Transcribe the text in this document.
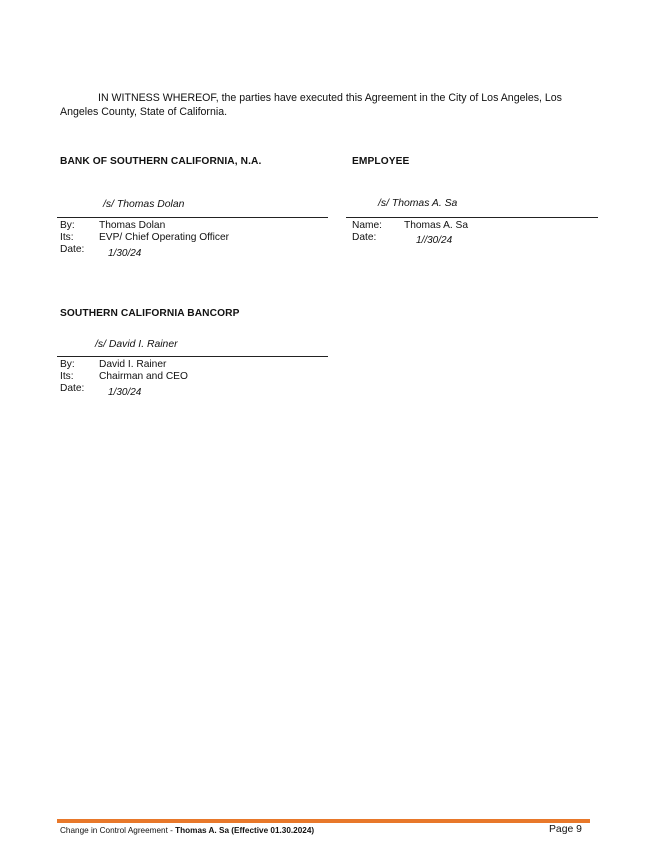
IN WITNESS WHEREOF, the parties have executed this Agreement in the City of Los Angeles, Los Angeles County, State of California.
BANK OF SOUTHERN CALIFORNIA, N.A.
/s/ Thomas Dolan
By: Thomas Dolan
Its: EVP/ Chief Operating Officer
Date: 1/30/24
EMPLOYEE
/s/ Thomas A. Sa
Name: Thomas A. Sa
Date:	1//30/24
SOUTHERN CALIFORNIA BANCORP
/s/ David I. Rainer
By: David I. Rainer
Its: Chairman and CEO
Date: 1/30/24
Change in Control Agreement - Thomas A. Sa (Effective 01.30.2024)	Page 9
